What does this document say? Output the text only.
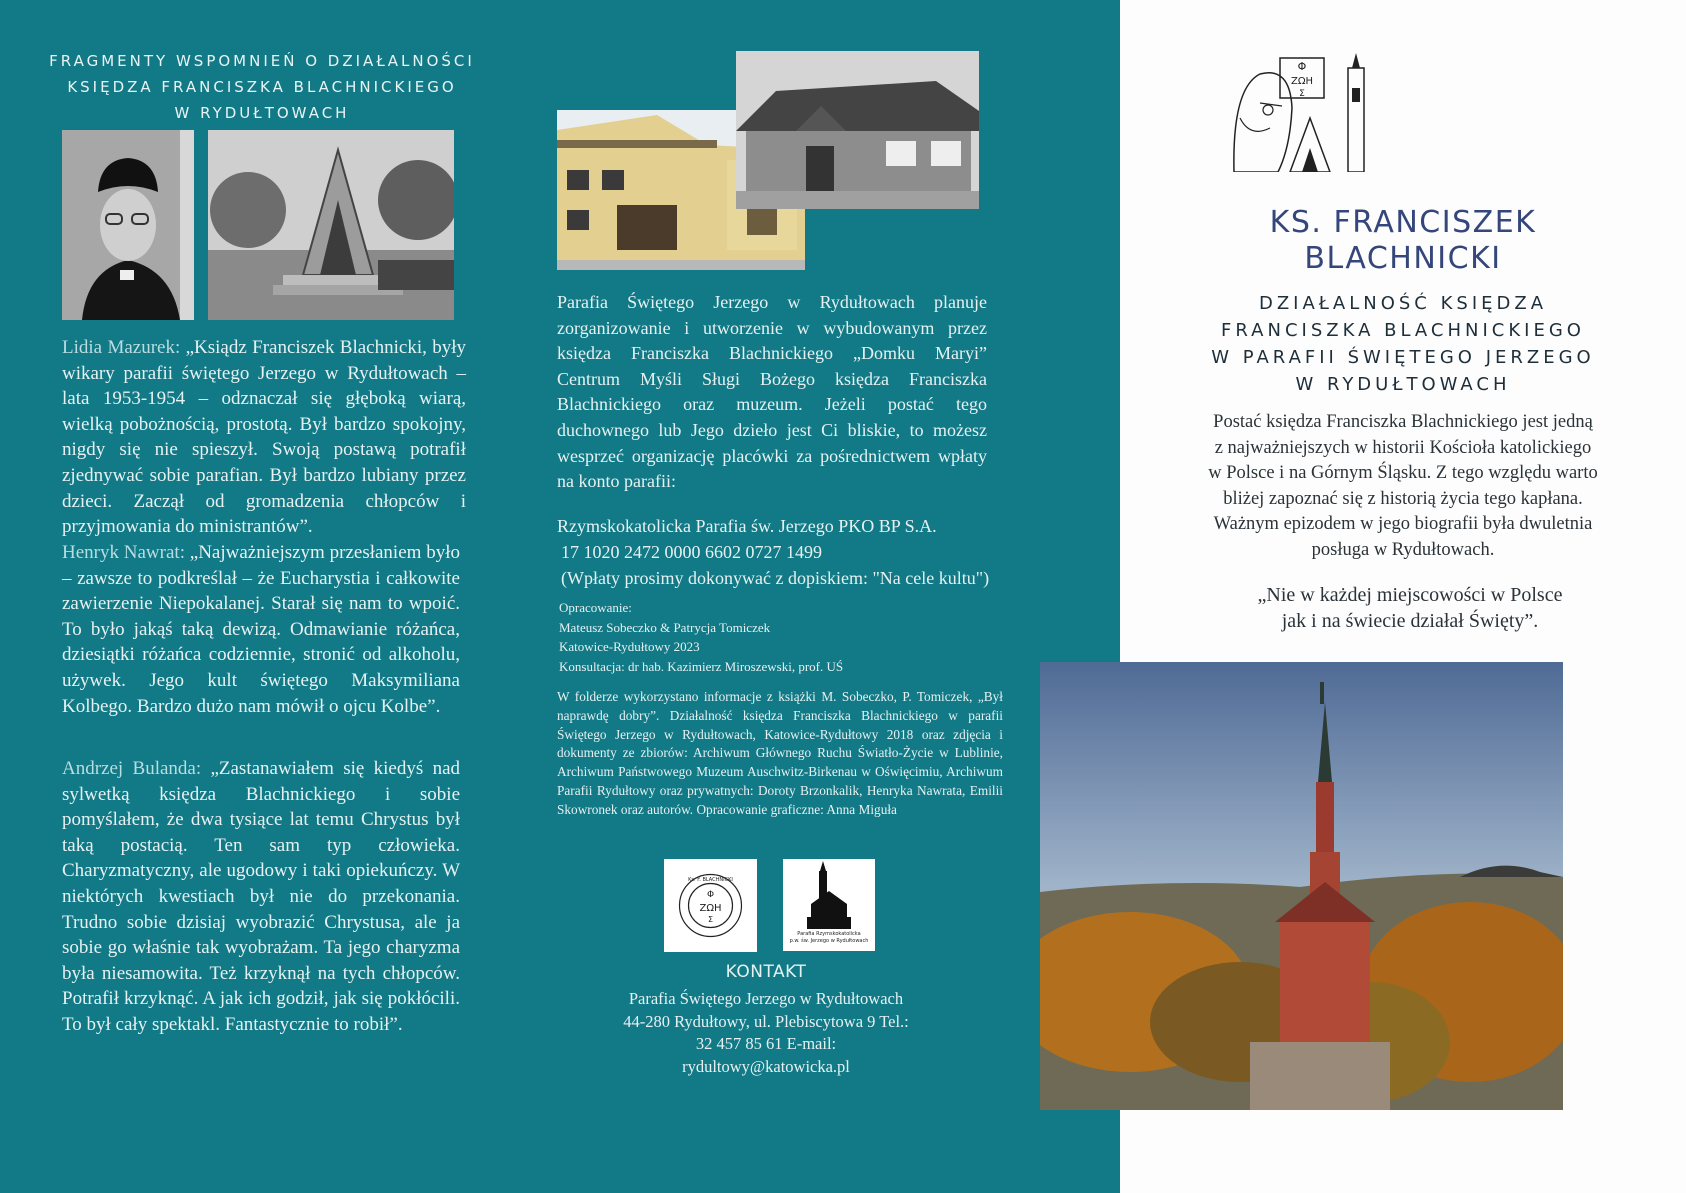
FRAGMENTY WSPOMNIEŃ O DZIAŁALNOŚCI
KSIĘDZA FRANCISZKA BLACHNICKIEGO
W RYDUŁTOWACH
Lidia Mazurek: „Ksiądz Franciszek Blachnicki, były wikary parafii świętego Jerzego w Rydułtowach – lata 1953-1954 – odznaczał się głęboką wiarą, wielką pobożnością, prostotą. Był bardzo spokojny, nigdy się nie spieszył. Swoją postawą potrafił zjednywać sobie parafian. Był bardzo lubiany przez dzieci. Zaczął od gromadzenia chłopców i przyjmowania do ministrantów”.
Henryk Nawrat: „Najważniejszym przesłaniem było – zawsze to podkreślał – że Eucharystia i całkowite zawierzenie Niepokalanej. Starał się nam to wpoić. To było jakąś taką dewizą. Odmawianie różańca, dziesiątki różańca codziennie, stronić od alkoholu, używek. Jego kult świętego Maksymiliana Kolbego. Bardzo dużo nam mówił o ojcu Kolbe”.
Andrzej Bulanda: „Zastanawiałem się kiedyś nad sylwetką księdza Blachnickiego i sobie pomyślałem, że dwa tysiące lat temu Chrystus był taką postacią. Ten sam typ człowieka. Charyzmatyczny, ale ugodowy i taki opiekuńczy. W niektórych kwestiach był nie do przekonania. Trudno sobie dzisiaj wyobrazić Chrystusa, ale ja sobie go właśnie tak wyobrażam. Ta jego charyzma była niesamowita. Też krzyknął na tych chłopców. Potrafił krzyknąć. A jak ich godził, jak się pokłócili. To był cały spektakl. Fantastycznie to robił”.
Parafia Świętego Jerzego w Rydułtowach planuje zorganizowanie i utworzenie w wybudowanym przez księdza Franciszka Blachnickiego „Domku Maryi” Centrum Myśli Sługi Bożego księdza Franciszka Blachnickiego oraz muzeum. Jeżeli postać tego duchownego lub Jego dzieło jest Ci bliskie, to możesz wesprzeć organizację placówki za pośrednictwem wpłaty na konto parafii:
Rzymskokatolicka Parafia św. Jerzego PKO BP S.A.
17 1020 2472 0000 6602 0727 1499
(Wpłaty prosimy dokonywać z dopiskiem: "Na cele kultu")
Opracowanie:
Mateusz Sobeczko & Patrycja Tomiczek
Katowice-Rydułtowy 2023
Konsultacja: dr hab. Kazimierz Miroszewski, prof. UŚ
W folderze wykorzystano informacje z książki M. Sobeczko, P. Tomiczek, „Był naprawdę dobry”. Działalność księdza Franciszka Blachnickiego w parafii Świętego Jerzego w Rydułtowach, Katowice-Rydułtowy 2018 oraz zdjęcia i dokumenty ze zbiorów: Archiwum Głównego Ruchu Światło-Życie w Lublinie, Archiwum Państwowego Muzeum Auschwitz-Birkenau w Oświęcimiu, Archiwum Parafii Rydułtowy oraz prywatnych: Doroty Brzonkalik, Henryka Nawrata, Emilii Skowronek oraz autorów. Opracowanie graficzne: Anna Miguła
ΖΩΗ
Φ
Σ
Ks. F. BLACHNICKI
Parafia Rzymskokatolicka
p.w. św. Jerzego w Rydułtowach
KONTAKT
Parafia Świętego Jerzego w Rydułtowach
44-280 Rydułtowy, ul. Plebiscytowa 9 Tel.:
32 457 85 61 E-mail:
rydultowy@katowicka.pl
Φ
ΖΩΗ
Σ
KS. FRANCISZEK
BLACHNICKI
DZIAŁALNOŚĆ KSIĘDZA
FRANCISZKA BLACHNICKIEGO
W PARAFII ŚWIĘTEGO JERZEGO
W RYDUŁTOWACH
Postać księdza Franciszka Blachnickiego jest jedną
z najważniejszych w historii Kościoła katolickiego
w Polsce i na Górnym Śląsku. Z tego względu warto
bliżej zapoznać się z historią życia tego kapłana.
Ważnym epizodem w jego biografii była dwuletnia
posługa w Rydułtowach.
„Nie w każdej miejscowości w Polsce
jak i na świecie działał Święty”.
